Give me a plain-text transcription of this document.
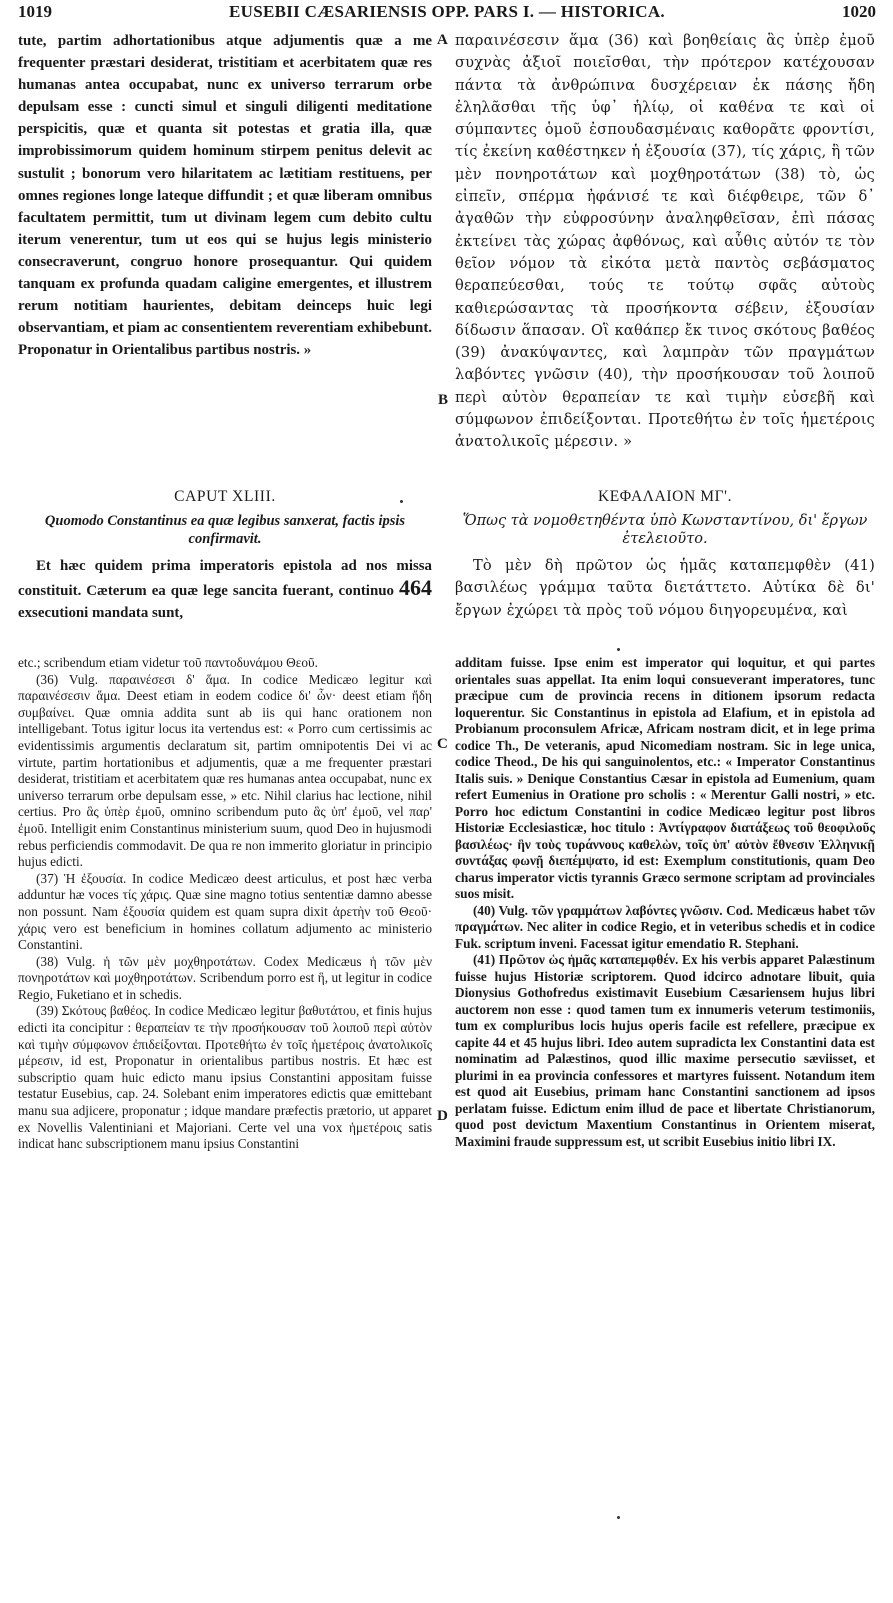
1019	EUSEBII CÆSARIENSIS OPP. PARS I. — HISTORICA.	1020

tute, partim adhortationibus atque adjumentis quæ a me frequenter præstari desiderat, tristitiam et acerbitatem quæ res humanas antea occupabat, nunc ex universo terrarum orbe depulsam esse : cuncti simul et singuli diligenti meditatione perspicitis, quæ et quanta sit potestas et gratia illa, quæ improbissimorum quidem hominum stirpem penitus delevit ac sustulit ; bonorum vero hilaritatem ac lætitiam restituens, per omnes regiones longe lateque diffundit ; et quæ liberam omnibus facultatem permittit, tum ut divinam legem cum debito cultu iterum venerentur, tum ut eos qui se hujus legis ministerio consecraverunt, congruo honore prosequantur. Qui quidem tanquam ex profunda quadam caligine emergentes, et illustrem rerum notitiam haurientes, debitam deinceps huic legi observantiam, et piam ac consentientem reverentiam exhibebunt. Proponatur in Orientalibus partibus nostris. »

παραινέσεσιν ἅμα (36) καὶ βοηθείαις ἃς ὑπὲρ ἐμοῦ συχνὰς ἀξιοῖ ποιεῖσθαι, τὴν πρότερον κατέχουσαν πάντα τὰ ἀνθρώπινα δυσχέρειαν ἐκ πάσης ἤδη ἐληλᾶσθαι τῆς ὑφ᾽ ἡλίῳ, οἱ καθένα τε καὶ οἱ σύμπαντες ὁμοῦ ἐσπουδασμέναις καθορᾶτε φροντίσι, τίς ἐκείνη καθέστηκεν ἡ ἐξουσία (37), τίς χάρις, ἣ τῶν μὲν πονηροτάτων καὶ μοχθηροτάτων (38) τὸ, ὡς εἰπεῖν, σπέρμα ἠφάνισέ τε καὶ διέφθειρε, τῶν δ᾽ ἀγαθῶν τὴν εὐφροσύνην ἀναληφθεῖσαν, ἐπὶ πάσας ἐκτείνει τὰς χώρας ἀφθόνως, καὶ αὖθις αὐτόν τε τὸν θεῖον νόμον τὰ εἰκότα μετὰ παντὸς σεβάσματος θεραπεύεσθαι, τούς τε τούτῳ σφᾶς αὐτοὺς καθιερώσαντας τὰ προσήκοντα σέβειν, ἐξουσίαν δίδωσιν ἅπασαν. Οἳ καθάπερ ἔκ τινος σκότους βαθέος (39) ἀνακύψαντες, καὶ λαμπρὰν τῶν πραγμάτων λαβόντες γνῶσιν (40), τὴν προσήκουσαν τοῦ λοιποῦ περὶ αὐτὸν θεραπείαν τε καὶ τιμὴν εὐσεβῆ καὶ σύμφωνον ἐπιδείξονται. Προτεθήτω ἐν τοῖς ἡμετέροις ἀνατολικοῖς μέρεσιν. »

A
B
CAPUT XLIII.
Quomodo Constantinus ea quæ legibus sanxerat, factis ipsis confirmavit.
ΚΕΦΑΛΑΙΟΝ ΜΓ'.
Ὅπως τὰ νομοθετηθέντα ὑπὸ Κωνσταντίνου, δι' ἔργων ἐτελειοῦτο.

Et hæc quidem prima imperatoris epistola ad nos missa constituit. Cæterum ea quæ lege sancita fuerant, continuo 464 exsecutioni mandata sunt,

Τὸ μὲν δὴ πρῶτον ὡς ἡμᾶς καταπεμφθὲν (41) βασιλέως γράμμα ταῦτα διετάττετο. Αὐτίκα δὲ δι' ἔργων ἐχώρει τὰ πρὸς τοῦ νόμου διηγορευμένα, καὶ

etc.; scribendum etiam videtur τοῦ παντοδυνάμου Θεοῦ.

(36) Vulg. παραινέσεσι δ' ἅμα. In codice Medicæo legitur καὶ παραινέσεσιν ἅμα. Deest etiam in eodem codice δι' ὧν· deest etiam ἤδη συμβαίνει. Quæ omnia addita sunt ab iis qui hanc orationem non intelligebant. Totus igitur locus ita vertendus est: « Porro cum certissimis ac evidentissimis argumentis declaratum sit, partim omnipotentis Dei vi ac virtute, partim hortationibus et adjumentis, quæ a me frequenter præstari desiderat, tristitiam et acerbitatem quæ res humanas antea occupabat, nunc ex universo terrarum orbe depulsam esse, » etc. Nihil clarius hac lectione, nihil certius. Pro ἃς ὑπὲρ ἐμοῦ, omnino scribendum puto ἃς ὑπ' ἐμοῦ, vel παρ' ἐμοῦ. Intelligit enim Constantinus ministerium suum, quod Deo in hujusmodi rebus perficiendis commodavit. De qua re non immerito gloriatur in principio hujus edicti.

(37) Ἡ ἐξουσία. In codice Medicæo deest articulus, et post hæc verba adduntur hæ voces τίς χάρις. Quæ sine magno totius sententiæ damno abesse non possunt. Nam ἐξουσία quidem est quam supra dixit ἀρετὴν τοῦ Θεοῦ· χάρις vero est beneficium in homines collatum adjumento ac ministerio Constantini.

(38) Vulg. ἡ τῶν μὲν μοχθηροτάτων. Codex Medicæus ἡ τῶν μὲν πονηροτάτων καὶ μοχθηροτάτων. Scribendum porro est ἣ, ut legitur in codice Regio, Fuketiano et in schedis.

(39) Σκότους βαθέος. In codice Medicæo legitur βαθυτάτου, et finis hujus edicti ita concipitur : θεραπείαν τε τὴν προσήκουσαν τοῦ λοιποῦ περὶ αὐτὸν καὶ τιμὴν σύμφωνον ἐπιδείξονται. Προτεθήτω ἐν τοῖς ἡμετέροις ἀνατολικοῖς μέρεσιν, id est, Proponatur in orientalibus partibus nostris. Et hæc est subscriptio quam huic edicto manu ipsius Constantini appositam fuisse testatur Eusebius, cap. 24. Solebant enim imperatores edictis quæ emittebant manu sua adjicere, proponatur ; idque mandare præfectis prætorio, ut apparet ex Novellis Valentiniani et Majoriani. Certe vel una vox ἡμετέροις satis indicat hanc subscriptionem manu ipsius Constantini

additam fuisse. Ipse enim est imperator qui loquitur, et qui partes orientales suas appellat. Ita enim loqui consueverant imperatores, tunc præcipue cum de provincia recens in ditionem ipsorum redacta loquerentur. Sic Constantinus in epistola ad Elafium, et in epistola ad Probianum proconsulem Africæ, Africam nostram dicit, et in lege prima codice Th., De veteranis, apud Nicomediam nostram. Sic in lege unica, codice Theod., De his qui sanguinolentos, etc.: « Imperator Constantinus Italis suis. » Denique Constantius Cæsar in epistola ad Eumenium, quam refert Eumenius in Oratione pro scholis : « Merentur Galli nostri, » etc. Porro hoc edictum Constantini in codice Medicæo legitur post libros Historiæ Ecclesiasticæ, hoc titulo : Ἀντίγραφον διατάξεως τοῦ θεοφιλοῦς βασιλέως· ἣν τοὺς τυράννους καθελὼν, τοῖς ὑπ' αὐτὸν ἔθνεσιν Ἑλληνικῇ συντάξας φωνῇ διεπέμψατο, id est: Exemplum constitutionis, quam Deo charus imperator victis tyrannis Græco sermone scriptam ad provinciales suos misit.

(40) Vulg. τῶν γραμμάτων λαβόντες γνῶσιν. Cod. Medicæus habet τῶν πραγμάτων. Nec aliter in codice Regio, et in veteribus schedis et in codice Fuk. scriptum inveni. Facessat igitur emendatio R. Stephani.

(41) Πρῶτον ὡς ἡμᾶς καταπεμφθέν. Ex his verbis apparet Palæstinum fuisse hujus Historiæ scriptorem. Quod idcirco adnotare libuit, quia Dionysius Gothofredus existimavit Eusebium Cæsariensem hujus libri auctorem non esse : quod tamen tum ex innumeris veterum testimoniis, tum ex compluribus locis hujus operis facile est refellere, præcipue ex capite 44 et 45 hujus libri. Ideo autem supradicta lex Constantini data est nominatim ad Palæstinos, quod illic maxime persecutio sæviisset, et plurimi in ea provincia confessores et martyres fuissent. Notandum item est quod ait Eusebius, primam hanc Constantini sanctionem ad ipsos perlatam fuisse. Edictum enim illud de pace et libertate Christianorum, quod post devictum Maxentium Constantinus in Orientem miserat, Maximini fraude suppressum est, ut scribit Eusebius initio libri IX.

C
D
